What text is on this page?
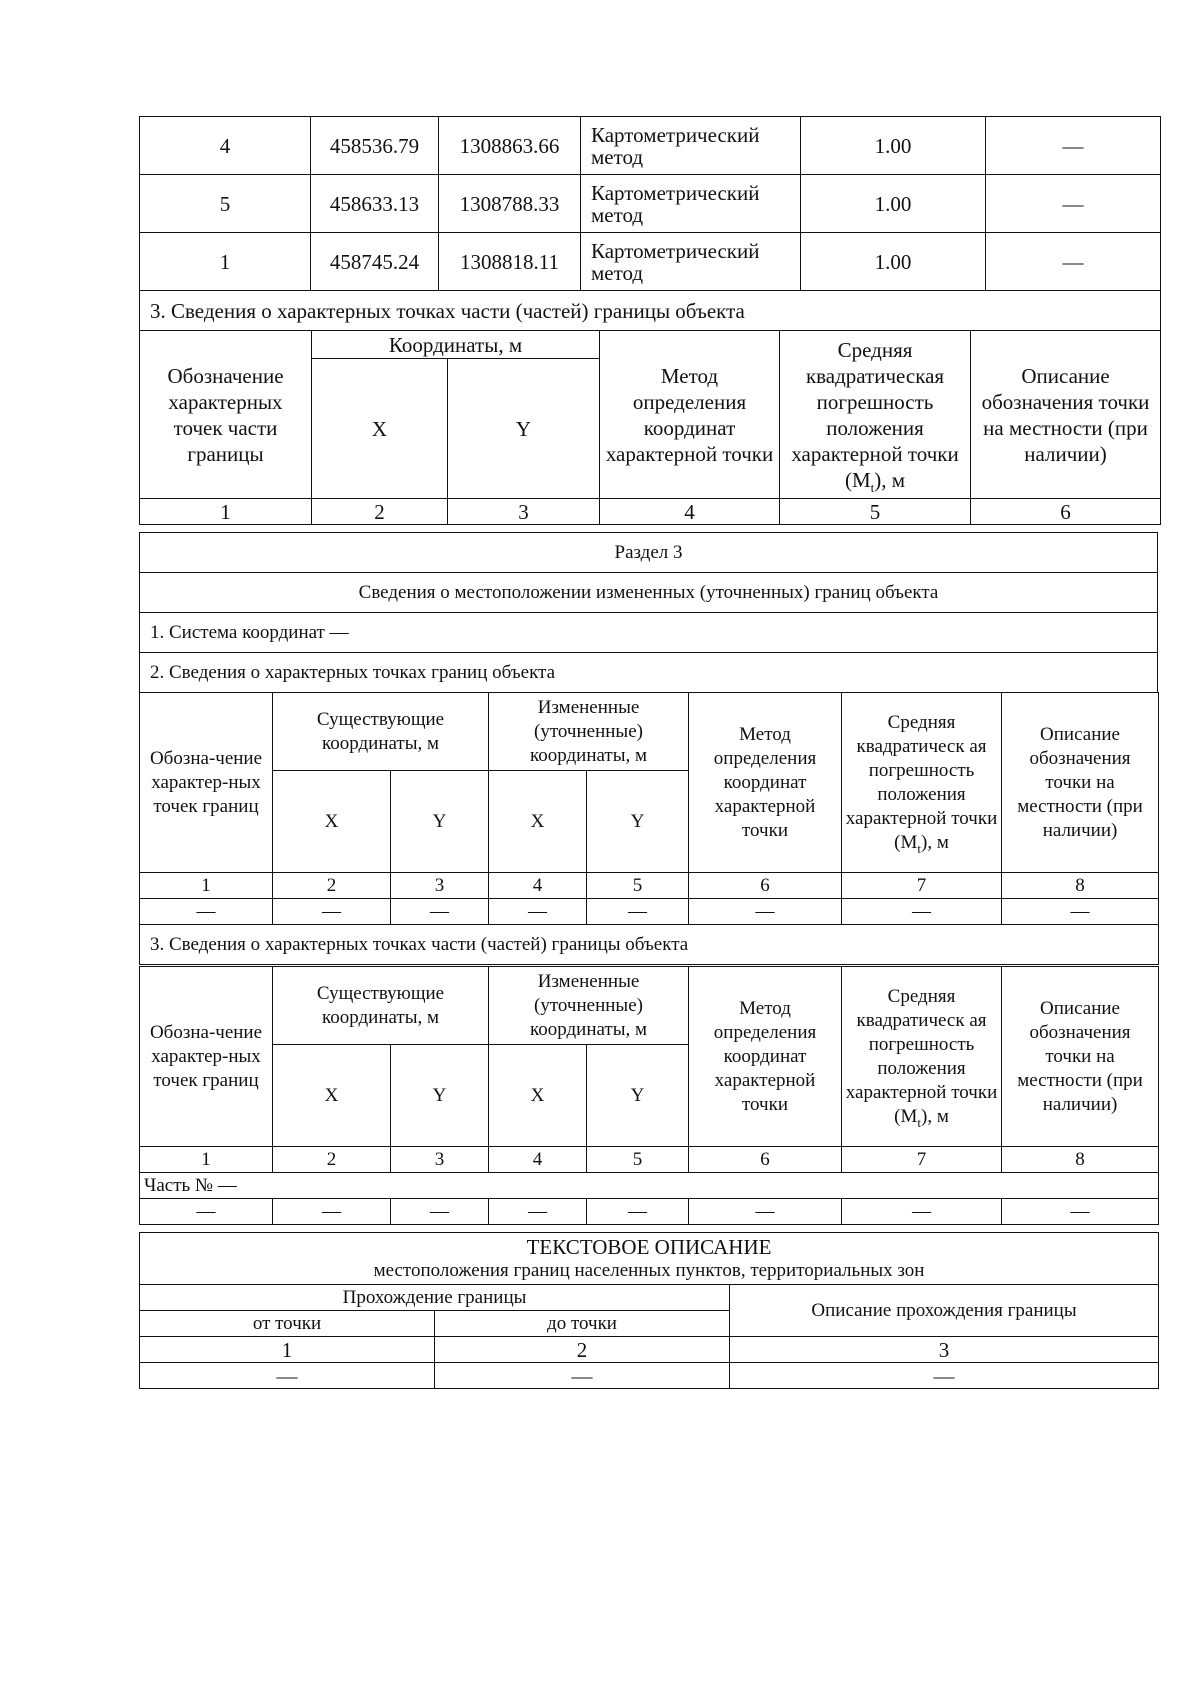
4	458536.79	1308863.66	Картометрический метод	1.00	—
5	458633.13	1308788.33	Картометрический метод	1.00	—
1	458745.24	1308818.11	Картометрический метод	1.00	—
3. Сведения о характерных точках части (частей) границы объекта					
Обозначение характерных точек части границы	Координаты, м		Метод определения координат характерной точки	Средняя квадратическая погрешность положения характерной точки $(M_t)$, м	Описание обозначения точки на местности (при наличии)
	X	Y			
1	2	3	4	5	6
Раздел 3
Сведения о местоположении измененных (уточненных) границ объекта
1. Система координат —
2. Сведения о характерных точках границ объекта
Обозна-чение характер-ных точек границ	Существующие координаты, м		Измененные (уточненные) координаты, м		Метод определения координат характерной точки	Средняя квадратическ ая погрешность положения характерной точки $(M_t)$, м	Описание обозначения точки на местности (при наличии)
	X	Y	X	Y			
1	2	3	4	5	6	7	8
—	—	—	—	—	—	—	—
3. Сведения о характерных точках части (частей) границы объекта							
Обозна-чение характер-ных точек границ	Существующие координаты, м		Измененные (уточненные) координаты, м		Метод определения координат характерной точки	Средняя квадратическ ая погрешность положения характерной точки $(M_t)$, м	Описание обозначения точки на местности (при наличии)
	X	Y	X	Y			
1	2	3	4	5	6	7	8
Часть № —							
—	—	—	—	—	—	—	—
ТЕКСТОВОЕ ОПИСАНИЕ
местоположения границ населенных пунктов, территориальных зон		

Прохождение границы		Описание прохождения границы
от точки	до точки	
1	2	3
—	—	—
